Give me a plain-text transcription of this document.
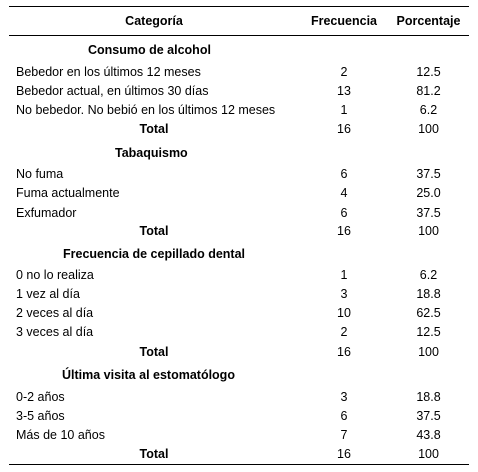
Categoría	Frecuencia	Porcentaje
Consumo de alcohol
Bebedor en los últimos 12 meses	2	12.5
Bebedor actual, en últimos 30 días	13	81.2
No bebedor. No bebió en los últimos 12 meses	1	6.2
Total	16	100
Tabaquismo
No fuma	6	37.5
Fuma actualmente	4	25.0
Exfumador	6	37.5
Total	16	100
Frecuencia de cepillado dental
0 no lo realiza	1	6.2
1 vez al día	3	18.8
2 veces al día	10	62.5
3 veces al día	2	12.5
Total	16	100
Última visita al estomatólogo
0-2 años	3	18.8
3-5 años	6	37.5
Más de 10 años	7	43.8
Total	16	100
